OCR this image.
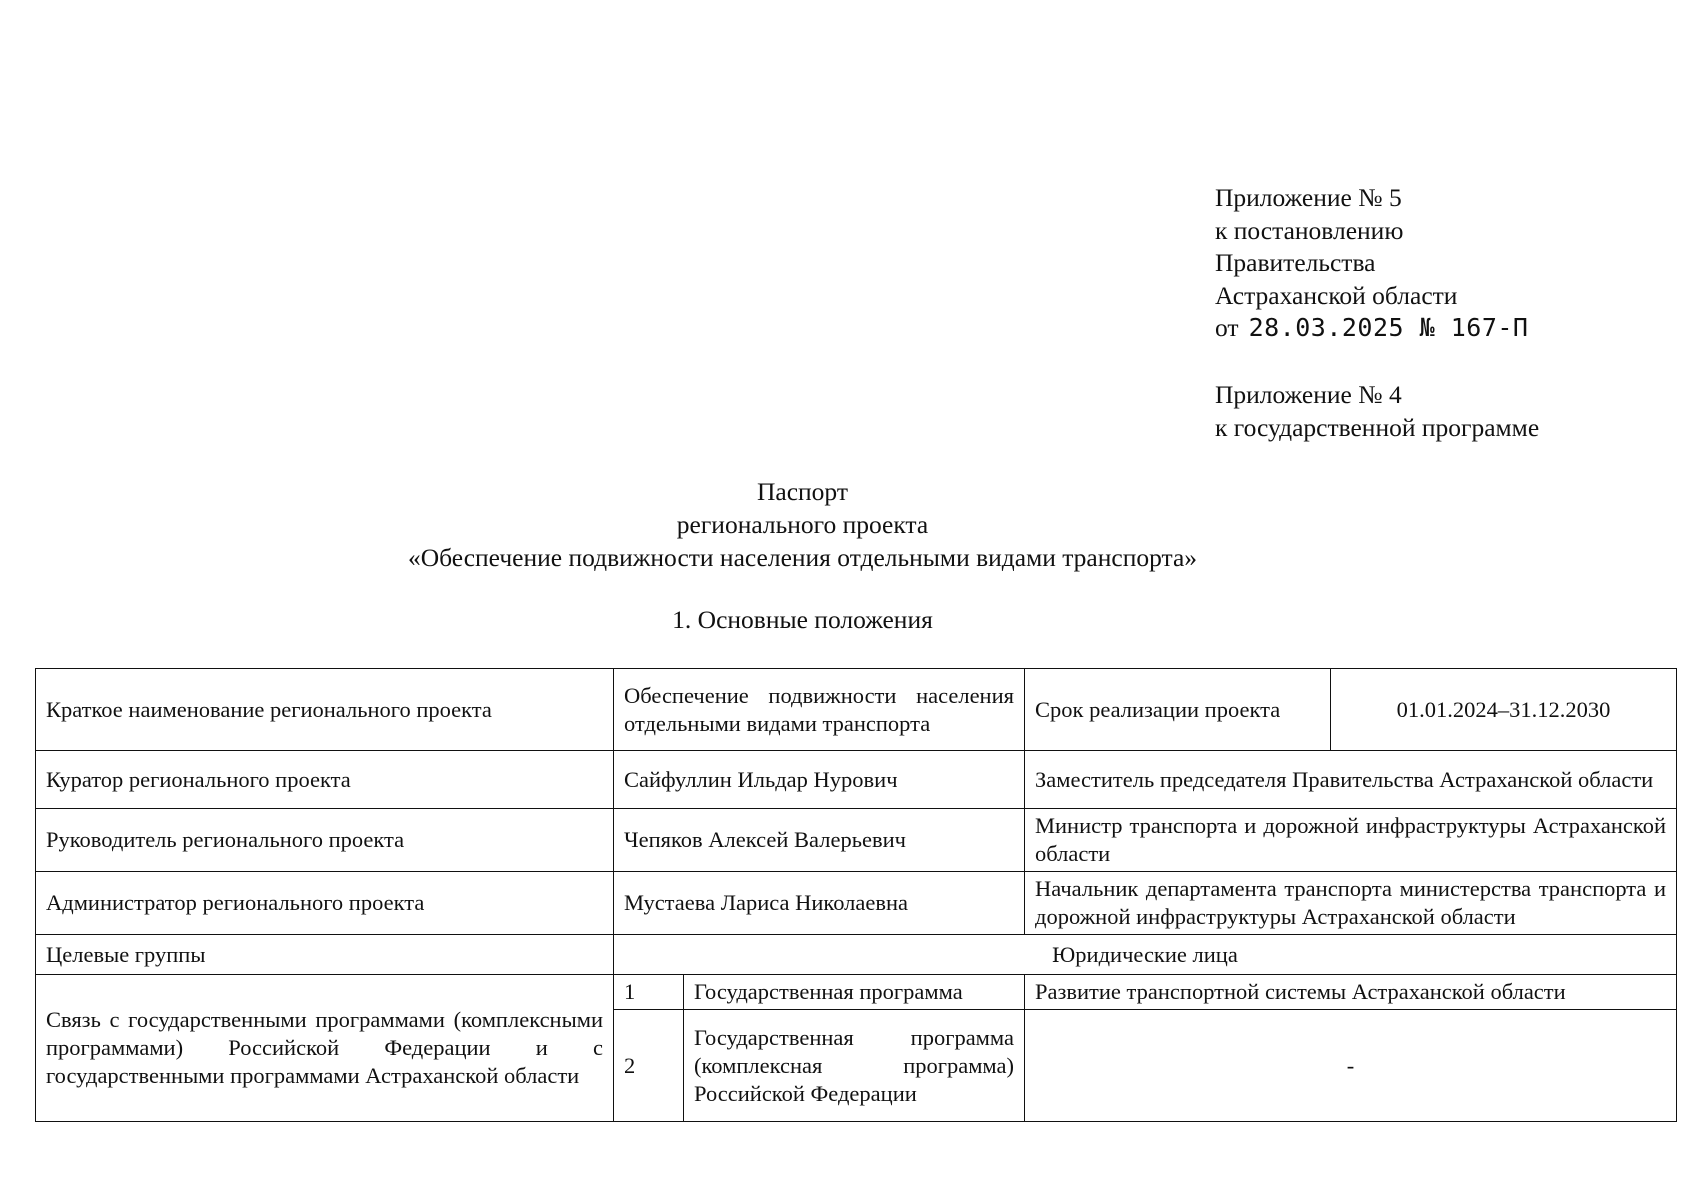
Приложение № 5
к постановлению
Правительства
Астраханской области
от 28.03.2025 № 167-П
Приложение № 4
к государственной программе
Паспорт
регионального проекта
«Обеспечение подвижности населения отдельными видами транспорта»
1. Основные положения
Краткое наименование регионального проекта	Обеспечение подвижности населения отдельными видами транспорта		Срок реализации проекта	01.01.2024–31.12.2030
Куратор регионального проекта	Сайфуллин Ильдар Нурович		Заместитель председателя Правительства Астраханской области	
Руководитель регионального проекта	Чепяков Алексей Валерьевич		Министр транспорта и дорожной инфраструктуры Астраханской области	
Администратор регионального проекта	Мустаева Лариса Николаевна		Начальник департамента транспорта министерства транспорта и дорожной инфраструктуры Астраханской области	
Целевые группы	Юридические лица			
Связь с государственными программами (комплексными программами) Российской Федерации и с государственными программами Астраханской области	1	Государственная программа	Развитие транспортной системы Астраханской области	
	2	Государственная программа (комплексная программа) Российской Федерации	-	
